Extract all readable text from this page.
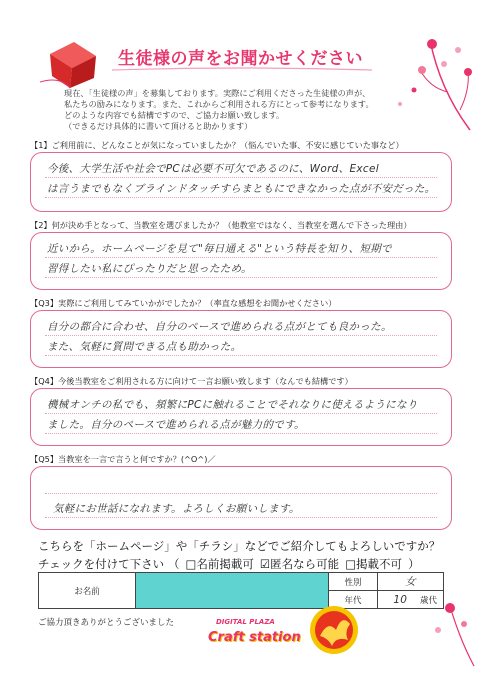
生徒様の声をお聞かせください
現在、「生徒様の声」を募集しております。実際にご利用くださった生徒様の声が、
私たちの励みになります。また、これからご利用される方にとって参考になります。
どのような内容でも結構ですので、ご協力お願い致します。
（できるだけ具体的に書いて頂けると助かります）
【1】ご利用前に、どんなことが気になっていましたか？（悩んでいた事、不安に感じていた事など）
今後、大学生活や社会でPCは必要不可欠であるのに、Word、Excel
は言うまでもなくブラインドタッチすらまともにできなかった点が不安だった。
【2】何が決め手となって、当教室を選びましたか？（他教室ではなく、当教室を選んで下さった理由）
近いから。ホームページを見て"毎日通える"という特長を知り、短期で
習得したい私にぴったりだと思ったため。
【Q3】実際にご利用してみていかがでしたか？（率直な感想をお聞かせください）
自分の都合に合わせ、自分のペースで進められる点がとても良かった。
また、気軽に質問できる点も助かった。
【Q4】今後当教室をご利用される方に向けて一言お願い致します（なんでも結構です）
機械オンチの私でも、頻繁にPCに触れることでそれなりに使えるようになり
ました。自分のペースで進められる点が魅力的です。
【Q5】当教室を一言で言うと何ですか？(^O^)／
気軽にお世話になれます。よろしくお願いします。
こちらを「ホームページ」や「チラシ」などでご紹介してもよろしいですか？
チェックを付けて下さい （ □名前掲載可 ☑匿名なら可能 □掲載不可 ）
お名前		性別	女
		年代	10 歳代
ご協力頂きありがとうございました	DIGITAL PLAZA
Craft station
